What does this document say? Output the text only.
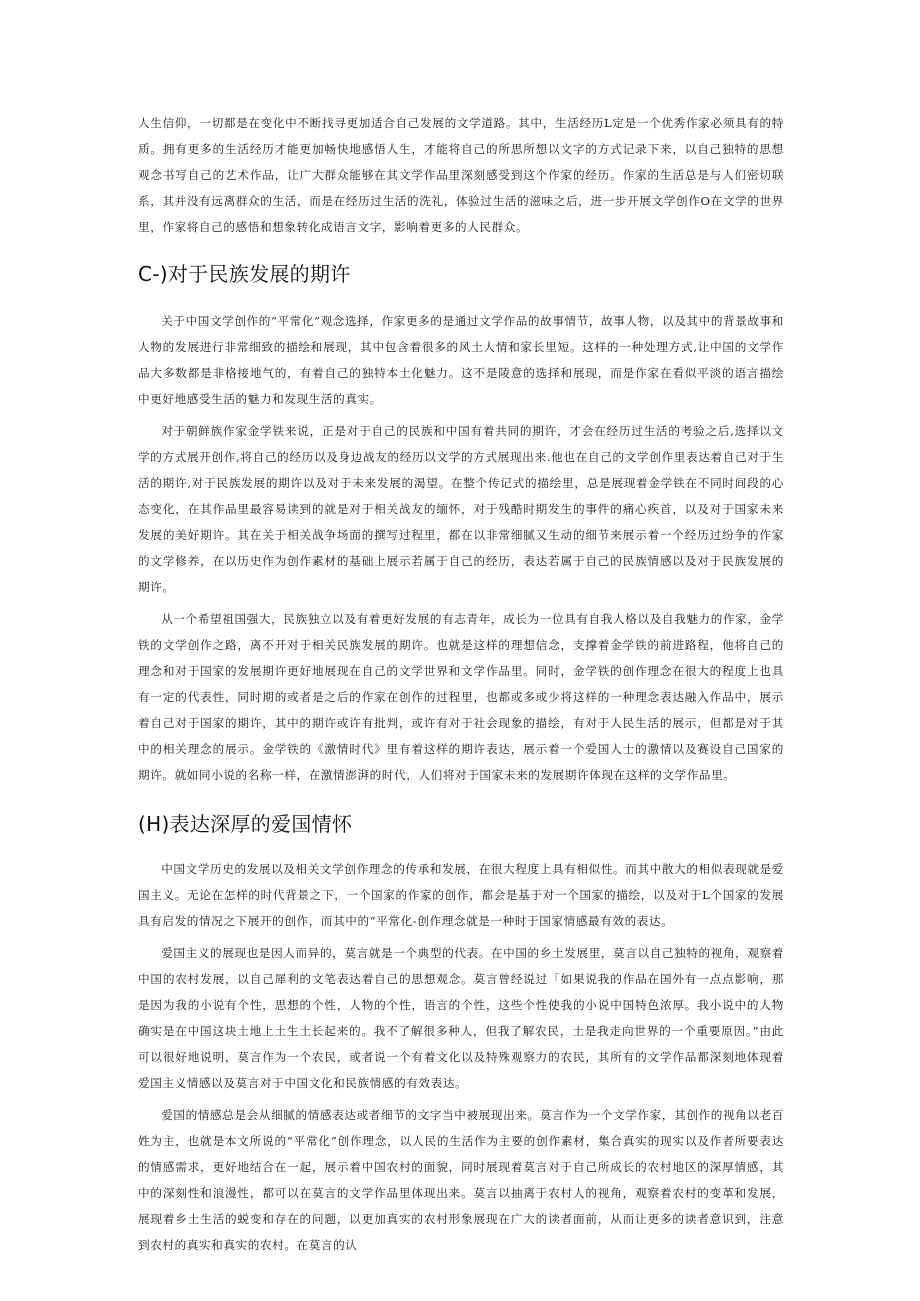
人生信仰，一切都是在变化中不断找寻更加适合自己发展的文学道路。其中，生活经历L定是一个优秀作家必须具有的特质。拥有更多的生活经历才能更加畅快地感悟人生，才能将自己的所思所想以文字的方式记录下来，以自己独特的思想观念书写自己的艺术作品，让广大群众能够在其文学作品里深刻感受到这个作家的经历。作家的生活总是与人们密切联系，其并没有远离群众的生活，而是在经历过生活的洗礼，体验过生活的滋味之后，进一步开展文学创作O在文学的世界里，作家将自己的感悟和想象转化成语言文字，影响着更多的人民群众。

C-)对于民族发展的期许

关于中国文学创作的“平常化”观念选择，作家更多的是通过文学作品的故事情节，故事人物，以及其中的背景故事和人物的发展进行非常细致的描绘和展现，其中包含着很多的风土人情和家长里短。这样的一种处理方式,让中国的文学作品大多数都是非格接地气的，有着自己的独特本土化魅力。这不是陵意的选择和展现，而是作家在看似平淡的语言描绘中更好地感受生活的魅力和发现生活的真实。

对于朝鲜族作家金学铁来说，正是对于自己的民族和中国有着共同的期许，才会在经历过生活的考验之后,选择以文学的方式展开创作,将自己的经历以及身边战友的经历以文学的方式展现出来.他也在自己的文学创作里表达着自己对于生活的期许,对于民族发展的期许以及对于未来发展的渴望。在整个传记式的描绘里，总是展现着金学铁在不同时间段的心态变化，在其作品里最容易读到的就是对于相关战友的缅怀，对于残酷时期发生的事件的痛心疾首，以及对于国家未来发展的美好期许。其在关于相关战争场面的撰写过程里，都在以非常细腻又生动的细节来展示着一个经历过纷争的作家的文学修养，在以历史作为创作素材的基础上展示若属于自己的经历，表达若属于自己的民族情感以及对于民族发展的期许。

从一个希望祖国强大，民族独立以及有着更好发展的有志青年，成长为一位具有自我人格以及自我魅力的作家，金学铁的文学创作之路，离不开对于相关民族发展的期许。也就是这样的理想信念，支撑着金学铁的前进路程，他将自己的理念和对于国家的发展期许更好地展现在自己的文学世界和文学作品里。同时，金学铁的创作理念在很大的程度上也具有一定的代表性，同时期的或者是之后的作家在创作的过程里，也都或多或少将这样的一种理念表达融入作品中，展示着自己对于国家的期许，其中的期许或许有批判，或许有对于社会现象的描绘，有对于人民生活的展示，但都是对于其中的相关理念的展示。金学铁的《激情时代》里有着这样的期许表达，展示着一个爱国人士的激情以及赛设自己国家的期许。就如同小说的名称一样，在激情澎湃的时代，人们将对于国家未来的发展期许体现在这样的文学作品里。

(H)表达深厚的爱国情怀

中国文学历史的发展以及相关文学创作理念的传承和发展，在很大程度上具有相似性。而其中散大的相似表现就是爱国主义。无论在怎样的时代背景之下，一个国家的作家的创作，都会是基于对一个国家的描绘，以及对于L个国家的发展具有启发的情况之下展开的创作，而其中的“平常化-创作理念就是一种时于国家情感最有效的表达。

爱国主义的展现也是因人而异的，莫言就是一个典型的代表。在中国的乡土发展里，莫言以自己独特的视角，观察着中国的农村发展，以自己犀利的文笔表达着自己的思想观念。莫言曾经说过「如果说我的作品在国外有一点点影响，那是因为我的小说有个性，思想的个性，人物的个性，语言的个性，这些个性使我的小说中国特色浓厚。我小说中的人物确实是在中国这块土地上土生土长起来的。我不了解很多种人，但我了解农民，土是我走向世界的一个重要原因。”由此可以很好地说明，莫言作为一个农民，或者说一个有着文化以及特殊观察力的农民，其所有的文学作品都深刻地体现着爱国主义情感以及莫言对于中国文化和民族情感的有效表达。

爱国的情感总是会从细腻的情感表达或者细节的文字当中被展现出来。莫言作为一个文学作家，其创作的视角以老百姓为主，也就是本文所说的“平常化”创作理念，以人民的生活作为主要的创作素材，集合真实的现实以及作者所要表达的情感需求，更好地结合在一起，展示着中国农村的面貌，同时展现着莫言对于自己所成长的农村地区的深厚情感，其中的深刻性和浪漫性，都可以在莫言的文学作品里体现出来。莫言以抽离于农村人的视角，观察着农村的变革和发展，展现着乡土生活的蜕变和存在的问题，以更加真实的农村形象展现在广大的读者面前，从而让更多的读者意识到，注意到农村的真实和真实的农村。在莫言的认
